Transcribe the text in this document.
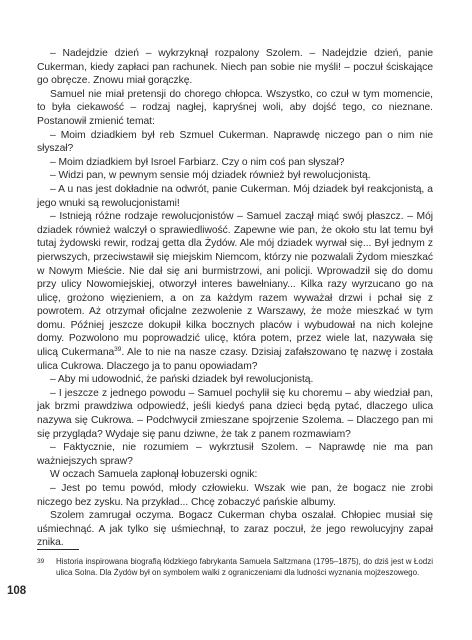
– Nadejdzie dzień – wykrzyknął rozpalony Szolem. – Nadejdzie dzień, panie Cukerman, kiedy zapłaci pan rachunek. Niech pan sobie nie myśli! – poczuł ściskające go obręcze. Znowu miał gorączkę.

Samuel nie miał pretensji do chorego chłopca. Wszystko, co czuł w tym momencie, to była ciekawość – rodzaj nagłej, kapryśnej woli, aby dojść tego, co nieznane. Postanowił zmienić temat:

– Moim dziadkiem był reb Szmuel Cukerman. Naprawdę niczego pan o nim nie słyszał?

– Moim dziadkiem był Isroel Farbiarz. Czy o nim coś pan słyszał?

– Widzi pan, w pewnym sensie mój dziadek również był rewolucjonistą.

– A u nas jest dokładnie na odwrót, panie Cukerman. Mój dziadek był reakcjonistą, a jego wnuki są rewolucjonistami!

– Istnieją różne rodzaje rewolucjonistów – Samuel zaczął miąć swój płaszcz. – Mój dziadek również walczył o sprawiedliwość. Zapewne wie pan, że około stu lat temu był tutaj żydowski rewir, rodzaj getta dla Żydów. Ale mój dziadek wyrwał się... Był jednym z pierwszych, przeciwstawił się miejskim Niemcom, którzy nie pozwalali Żydom mieszkać w Nowym Mieście. Nie dał się ani burmistrzowi, ani policji. Wprowadził się do domu przy ulicy Nowomiejskiej, otworzył interes bawełniany... Kilka razy wyrzucano go na ulicę, grożono więzieniem, a on za każdym razem wyważał drzwi i pchał się z powrotem. Aż otrzymał oficjalne zezwolenie z Warszawy, że może mieszkać w tym domu. Później jeszcze dokupił kilka bocznych placów i wybudował na nich kolejne domy. Pozwolono mu poprowadzić ulicę, która potem, przez wiele lat, nazywała się ulicą Cukermana$^{39}$. Ale to nie na nasze czasy. Dzisiaj zafałszowano tę nazwę i została ulica Cukrowa. Dlaczego ja to panu opowiadam?

– Aby mi udowodnić, że pański dziadek był rewolucjonistą.

– I jeszcze z jednego powodu – Samuel pochylił się ku choremu – aby wiedział pan, jak brzmi prawdziwa odpowiedź, jeśli kiedyś pana dzieci będą pytać, dlaczego ulica nazywa się Cukrowa. – Podchwycił zmieszane spojrzenie Szolema. – Dlaczego pan mi się przygląda? Wydaje się panu dziwne, że tak z panem rozmawiam?

– Faktycznie, nie rozumiem – wykrztusił Szolem. – Naprawdę nie ma pan ważniejszych spraw?

W oczach Samuela zapłonął łobuzerski ognik:

– Jest po temu powód, młody człowieku. Wszak wie pan, że bogacz nie zrobi niczego bez zysku. Na przykład... Chcę zobaczyć pańskie albumy.

Szolem zamrugał oczyma. Bogacz Cukerman chyba oszalał. Chłopiec musiał się uśmiechnąć. A jak tylko się uśmiechnął, to zaraz poczuł, że jego rewolucyjny zapał znika.

39 Historia inspirowana biografią łódzkiego fabrykanta Samuela Saltzmana (1795–1875), do dziś jest w Łodzi ulica Solna. Dla Żydów był on symbolem walki z ograniczeniami dla ludności wyznania mojżeszowego.
108
